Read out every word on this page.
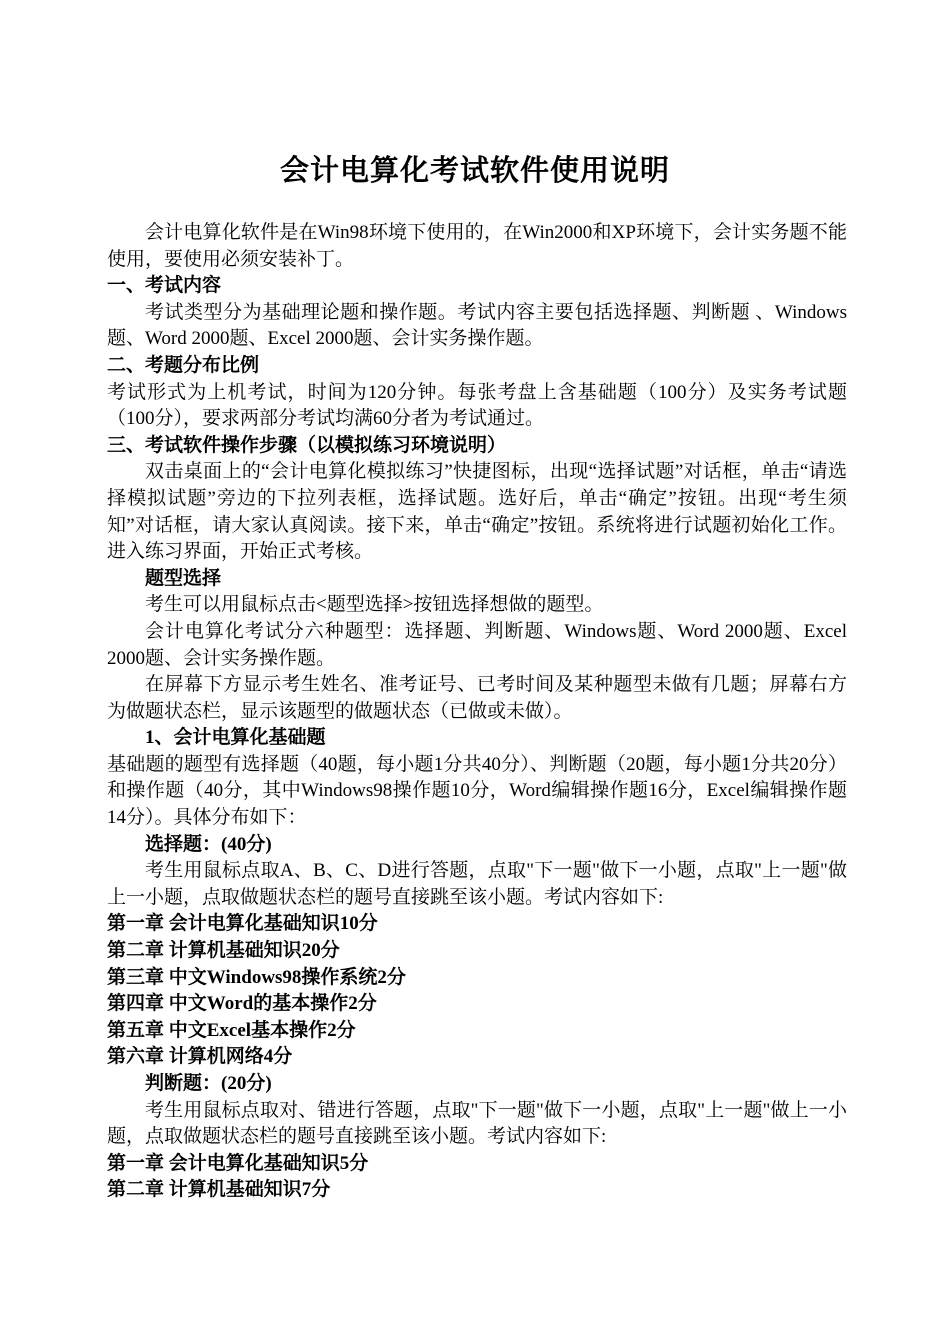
会计电算化考试软件使用说明

会计电算化软件是在Win98环境下使用的，在Win2000和XP环境下，会计实务题不能使用，要使用必须安装补丁。

一、考试内容

考试类型分为基础理论题和操作题。考试内容主要包括选择题、判断题 、Windows题、Word 2000题、Excel 2000题、会计实务操作题。

二、考题分布比例

考试形式为上机考试，时间为120分钟。每张考盘上含基础题（100分）及实务考试题（100分），要求两部分考试均满60分者为考试通过。

三、考试软件操作步骤（以模拟练习环境说明）

双击桌面上的“会计电算化模拟练习”快捷图标，出现“选择试题”对话框，单击“请选择模拟试题”旁边的下拉列表框，选择试题。选好后，单击“确定”按钮。出现“考生须知”对话框，请大家认真阅读。接下来，单击“确定”按钮。系统将进行试题初始化工作。进入练习界面，开始正式考核。

题型选择

考生可以用鼠标点击<题型选择>按钮选择想做的题型。

会计电算化考试分六种题型：选择题、判断题、Windows题、Word 2000题、Excel 2000题、会计实务操作题。

在屏幕下方显示考生姓名、准考证号、已考时间及某种题型未做有几题；屏幕右方为做题状态栏，显示该题型的做题状态（已做或未做）。

1、会计电算化基础题

基础题的题型有选择题（40题，每小题1分共40分）、判断题（20题，每小题1分共20分）和操作题（40分，其中Windows98操作题10分，Word编辑操作题16分，Excel编辑操作题14分）。具体分布如下：

选择题：(40分)

考生用鼠标点取A、B、C、D进行答题，点取"下一题"做下一小题，点取"上一题"做上一小题，点取做题状态栏的题号直接跳至该小题。考试内容如下:

第一章 会计电算化基础知识10分

第二章 计算机基础知识20分

第三章 中文Windows98操作系统2分

第四章 中文Word的基本操作2分

第五章 中文Excel基本操作2分

第六章 计算机网络4分

判断题：(20分)

考生用鼠标点取对、错进行答题，点取"下一题"做下一小题，点取"上一题"做上一小题，点取做题状态栏的题号直接跳至该小题。考试内容如下:

第一章 会计电算化基础知识5分

第二章 计算机基础知识7分
